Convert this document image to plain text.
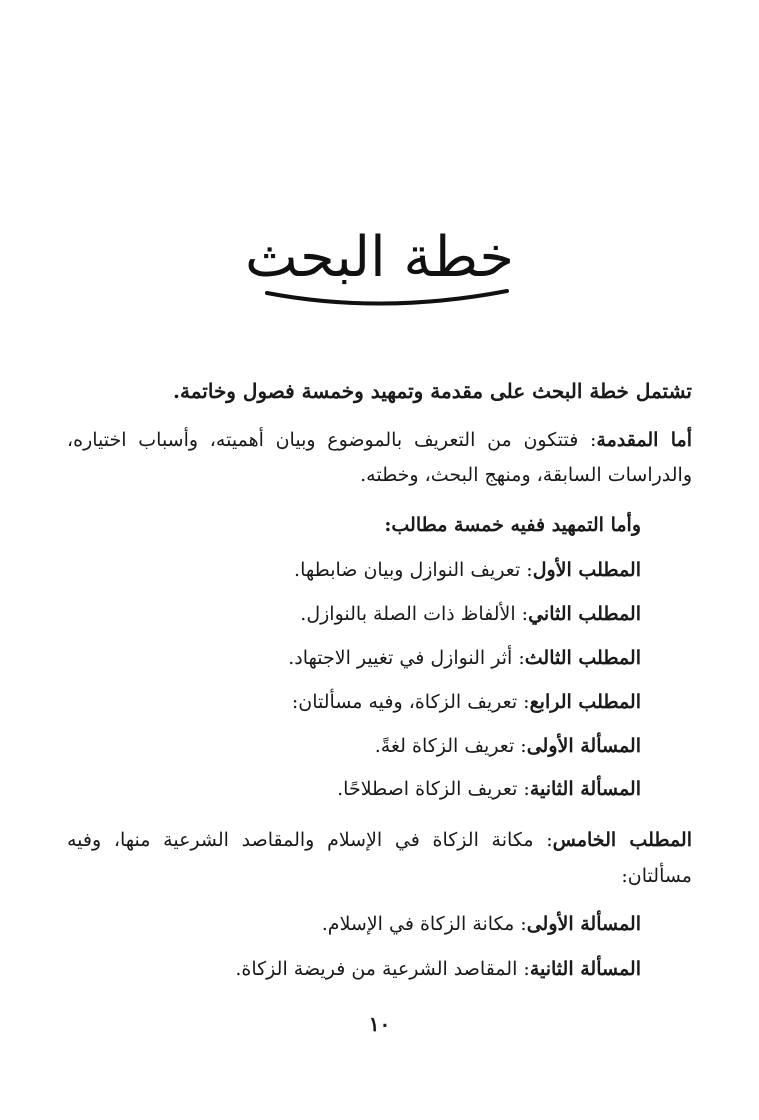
خطة البحث
تشتمل خطة البحث على مقدمة وتمهيد وخمسة فصول وخاتمة.
أما المقدمة: فتتكون من التعريف بالموضوع وبيان أهميته، وأسباب اختياره، والدراسات السابقة، ومنهج البحث، وخطته.
وأما التمهيد ففيه خمسة مطالب:
المطلب الأول: تعريف النوازل وبيان ضابطها.
المطلب الثاني: الألفاظ ذات الصلة بالنوازل.
المطلب الثالث: أثر النوازل في تغيير الاجتهاد.
المطلب الرابع: تعريف الزكاة، وفيه مسألتان:
المسألة الأولى: تعريف الزكاة لغةً.
المسألة الثانية: تعريف الزكاة اصطلاحًا.
المطلب الخامس: مكانة الزكاة في الإسلام والمقاصد الشرعية منها، وفيه مسألتان:
المسألة الأولى: مكانة الزكاة في الإسلام.
المسألة الثانية: المقاصد الشرعية من فريضة الزكاة.
١٠
